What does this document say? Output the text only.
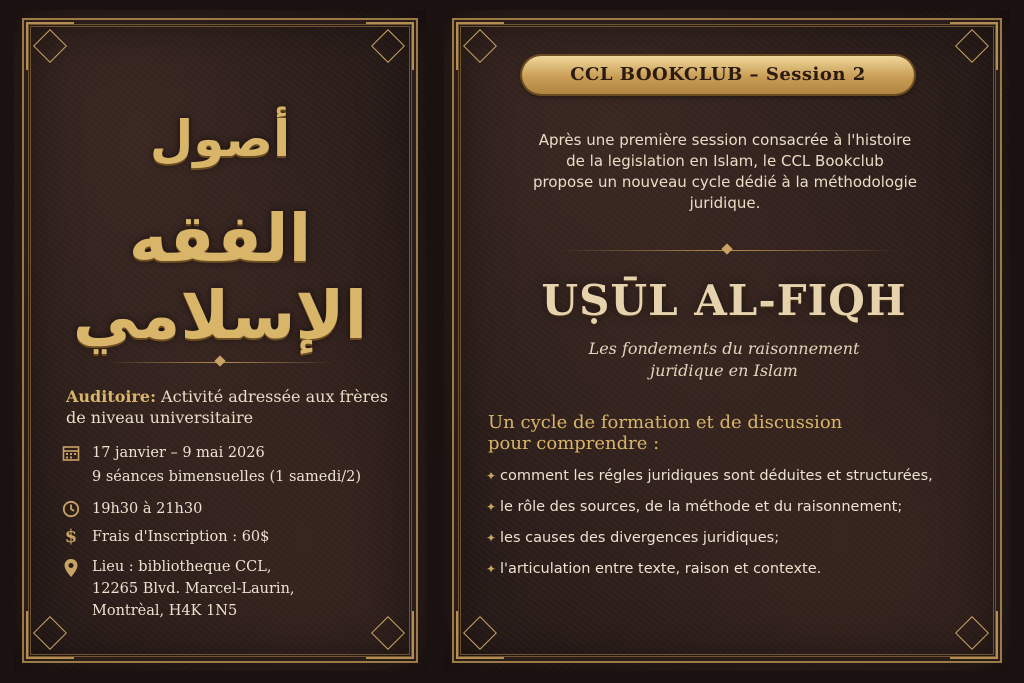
أصول
الفقه الإسلامي
Auditoire: Activité adressée aux frères de niveau universitaire
17 janvier – 9 mai 2026
9 séances bimensuelles (1 samedi/2)
19h30 à 21h30
$ Frais d'Inscription : 60$
Lieu : bibliotheque CCL,
12265 Blvd. Marcel-Laurin,
Montrèal, H4K 1N5
CCL BOOKCLUB – Session 2
Après une première session consacrée à l'histoire
de la legislation en Islam, le CCL Bookclub
propose un nouveau cycle dédié à la méthodologie
juridique.
UṢŪL AL-FIQH
Les fondements du raisonnement
juridique en Islam
Un cycle de formation et de discussion
pour comprendre :
✦ comment les régles juridiques sont déduites et structurées,
✦ le rôle des sources, de la méthode et du raisonnement;
✦ les causes des divergences juridiques;
✦ l'articulation entre texte, raison et contexte.
